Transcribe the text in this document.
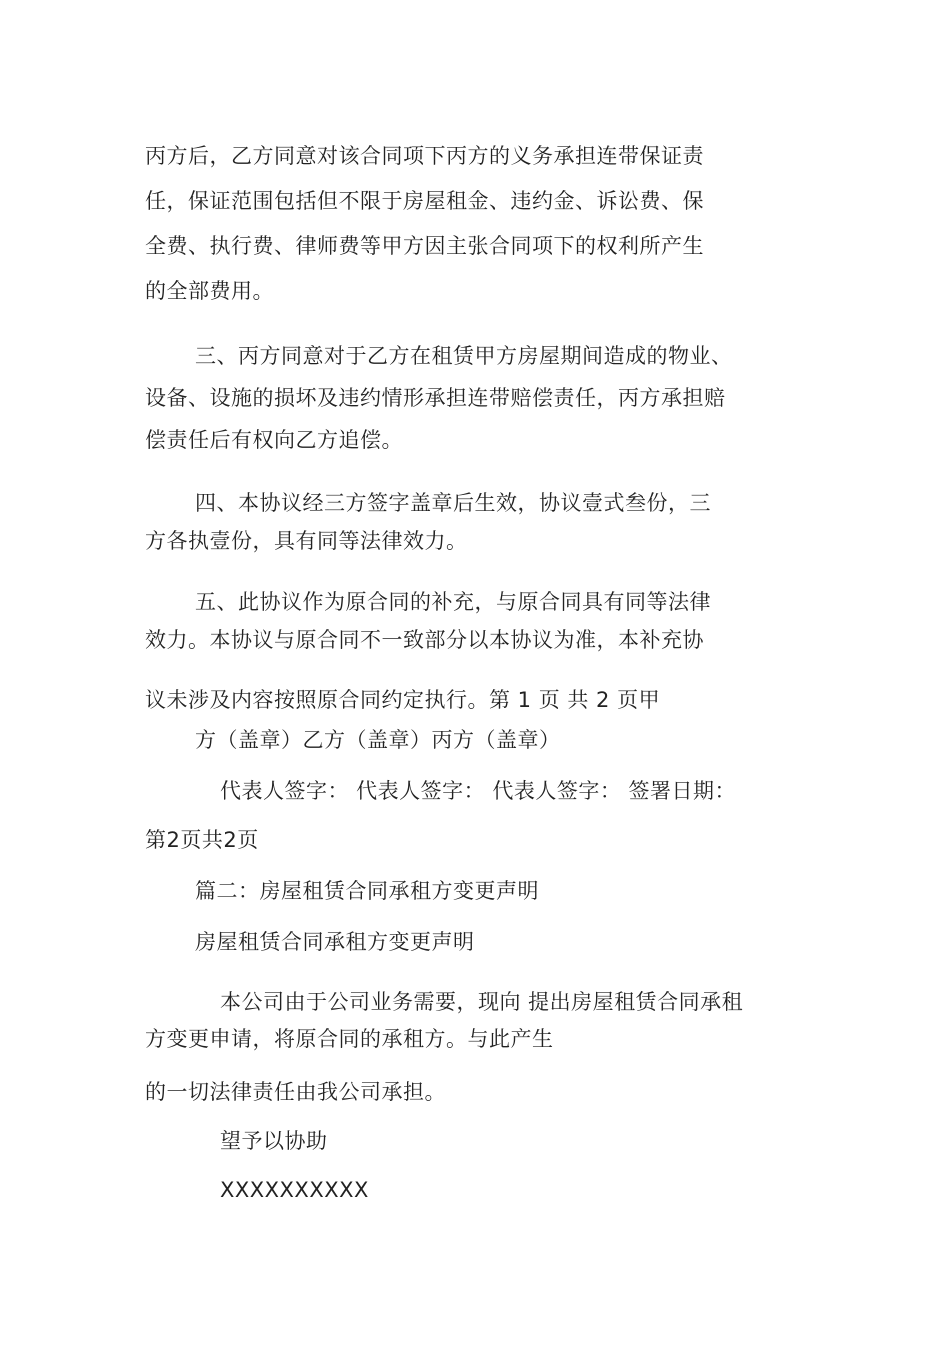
丙方后，乙方同意对该合同项下丙方的义务承担连带保证责
任，保证范围包括但不限于房屋租金、违约金、诉讼费、保
全费、执行费、律师费等甲方因主张合同项下的权利所产生
的全部费用。
三、丙方同意对于乙方在租赁甲方房屋期间造成的物业、
设备、设施的损坏及违约情形承担连带赔偿责任，丙方承担赔
偿责任后有权向乙方追偿。
四、本协议经三方签字盖章后生效，协议壹式叁份，三
方各执壹份，具有同等法律效力。
五、此协议作为原合同的补充，与原合同具有同等法律
效力。本协议与原合同不一致部分以本协议为准，本补充协
议未涉及内容按照原合同约定执行。第 1 页 共 2 页甲
方（盖章）乙方（盖章）丙方（盖章）
代表人签字： 代表人签字： 代表人签字： 签署日期：
第2页共2页
篇二：房屋租赁合同承租方变更声明
房屋租赁合同承租方变更声明
本公司由于公司业务需要，现向 提出房屋租赁合同承租
方变更申请，将原合同的承租方。与此产生
的一切法律责任由我公司承担。
望予以协助
XXXXXXXXXX
